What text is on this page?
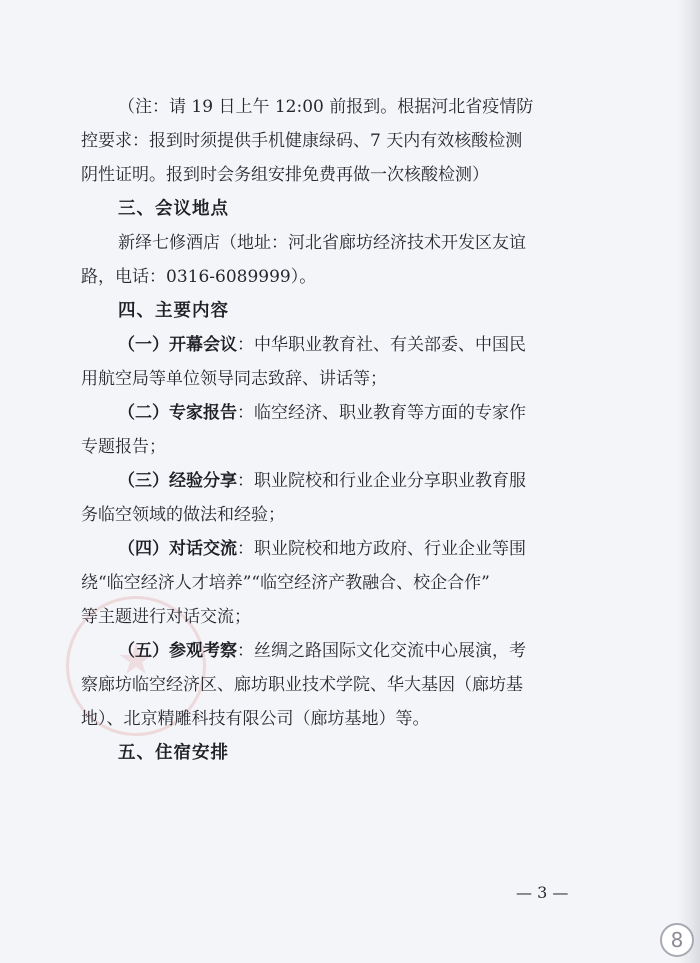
（注：请 19 日上午 12:00 前报到。根据河北省疫情防
控要求：报到时须提供手机健康绿码、7 天内有效核酸检测
阴性证明。报到时会务组安排免费再做一次核酸检测）
三、会议地点
新绎七修酒店（地址：河北省廊坊经济技术开发区友谊
路，电话：0316-6089999）。
四、主要内容
（一）开幕会议：中华职业教育社、有关部委、中国民
用航空局等单位领导同志致辞、讲话等；
（二）专家报告：临空经济、职业教育等方面的专家作
专题报告；
（三）经验分享：职业院校和行业企业分享职业教育服
务临空领域的做法和经验；
（四）对话交流：职业院校和地方政府、行业企业等围
绕“临空经济人才培养”“临空经济产教融合、校企合作”
等主题进行对话交流；
（五）参观考察：丝绸之路国际文化交流中心展演，考
察廊坊临空经济区、廊坊职业技术学院、华大基因（廊坊基
地）、北京精雕科技有限公司（廊坊基地）等。
五、住宿安排
— 3 —
8
